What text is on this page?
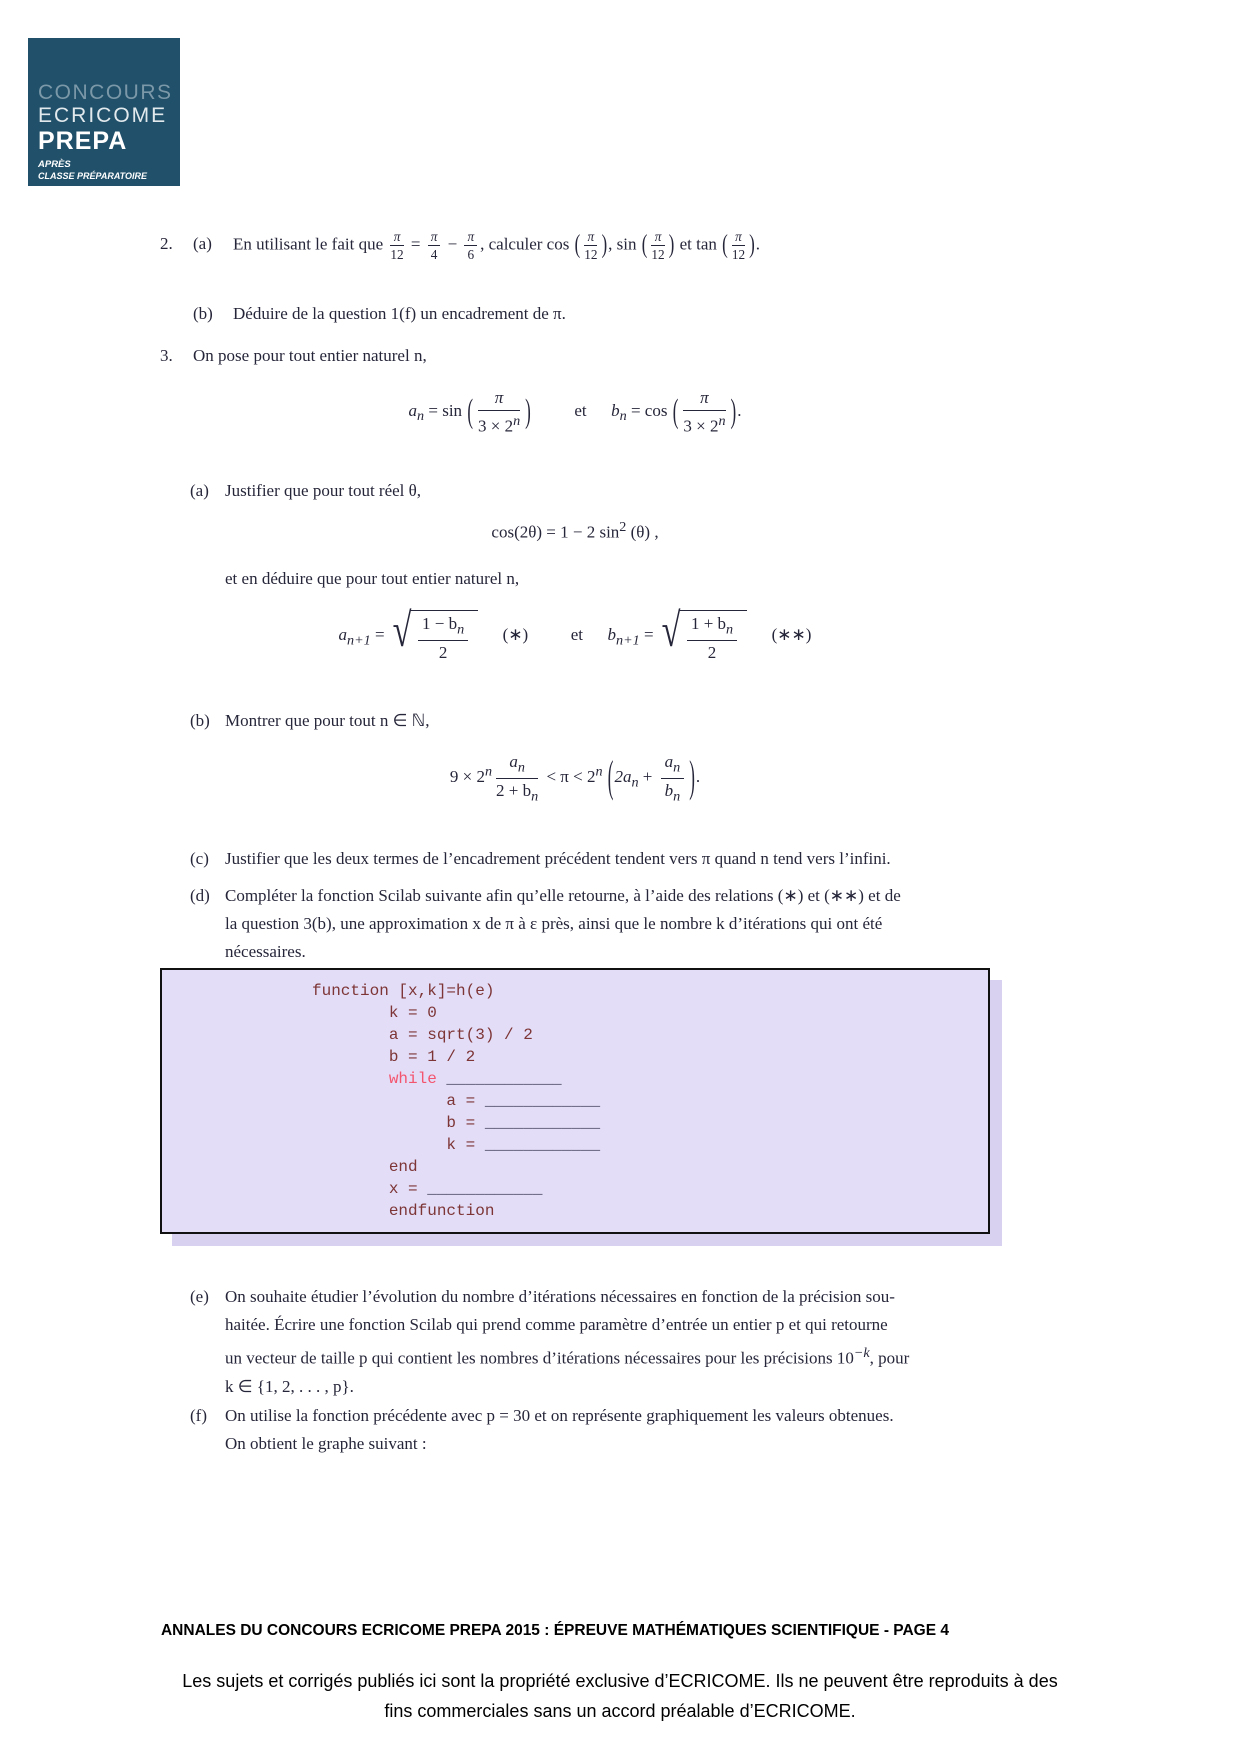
CONCOURS
ECRICOME
PREPA
APRÈS
CLASSE PRÉPARATOIRE
2.	(a)	En utilisant le fait que $\frac{\pi}{12} = \frac{\pi}{4} - \frac{\pi}{6}$ , calculer cos ( $\frac{\pi}{12}$ ), sin ( $\frac{\pi}{12}$ ) et tan ( $\frac{\pi}{12}$ ).
(b)	Déduire de la question 1(f) un encadrement de π.
3.	On pose pour tout entier naturel n,
$a_n = \sin$ ( $\frac{\pi}{3 \times 2^n}$ )	et $b_n = \cos$ ( $\frac{\pi}{3 \times 2^n}$ ).
(a) Justifier que pour tout réel θ,
cos(2θ) = 1 − 2 $\sin^2 (\theta)$ ,
et en déduire que pour tout entier naturel n,
$a_{n+1}$ = √ $\frac{1 - b_n}{2}$ (∗)	et $b_{n+1}$ = √ $\frac{1 + b_n}{2}$ (∗∗)
(b) Montrer que pour tout n ∈ ℕ,
$9 \times 2^n \frac{a_n}{2 + b_n} < \pi < 2^n$ ($2a_n + \frac{a_n}{b_n}$ ).
(c) Justifier que les deux termes de l’encadrement précédent tendent vers π quand n tend vers l’infini.
(d) Compléter la fonction Scilab suivante afin qu’elle retourne, à l’aide des relations (∗) et (∗∗) et de
la question 3(b), une approximation x de π à ε près, ainsi que le nombre k d’itérations qui ont été
nécessaires.
function [x,k]=h(e)
k = 0
a = sqrt(3) / 2
b = 1 / 2
while ____________
a = ____________
b = ____________
k = ____________
end
x = ____________
endfunction
(e) On souhaite étudier l’évolution du nombre d’itérations nécessaires en fonction de la précision sou-
haitée. Écrire une fonction Scilab qui prend comme paramètre d’entrée un entier p et qui retourne
un vecteur de taille p qui contient les nombres d’itérations nécessaires pour les précisions $10^{-k}$, pour
k ∈ {1, 2, . . . , p}.
(f)	On utilise la fonction précédente avec p = 30 et on représente graphiquement les valeurs obtenues.
On obtient le graphe suivant :
ANNALES DU CONCOURS ECRICOME PREPA 2015 : ÉPREUVE MATHÉMATIQUES SCIENTIFIQUE - PAGE 4
Les sujets et corrigés publiés ici sont la propriété exclusive d’ECRICOME. Ils ne peuvent être reproduits à des
fins commerciales sans un accord préalable d’ECRICOME.
